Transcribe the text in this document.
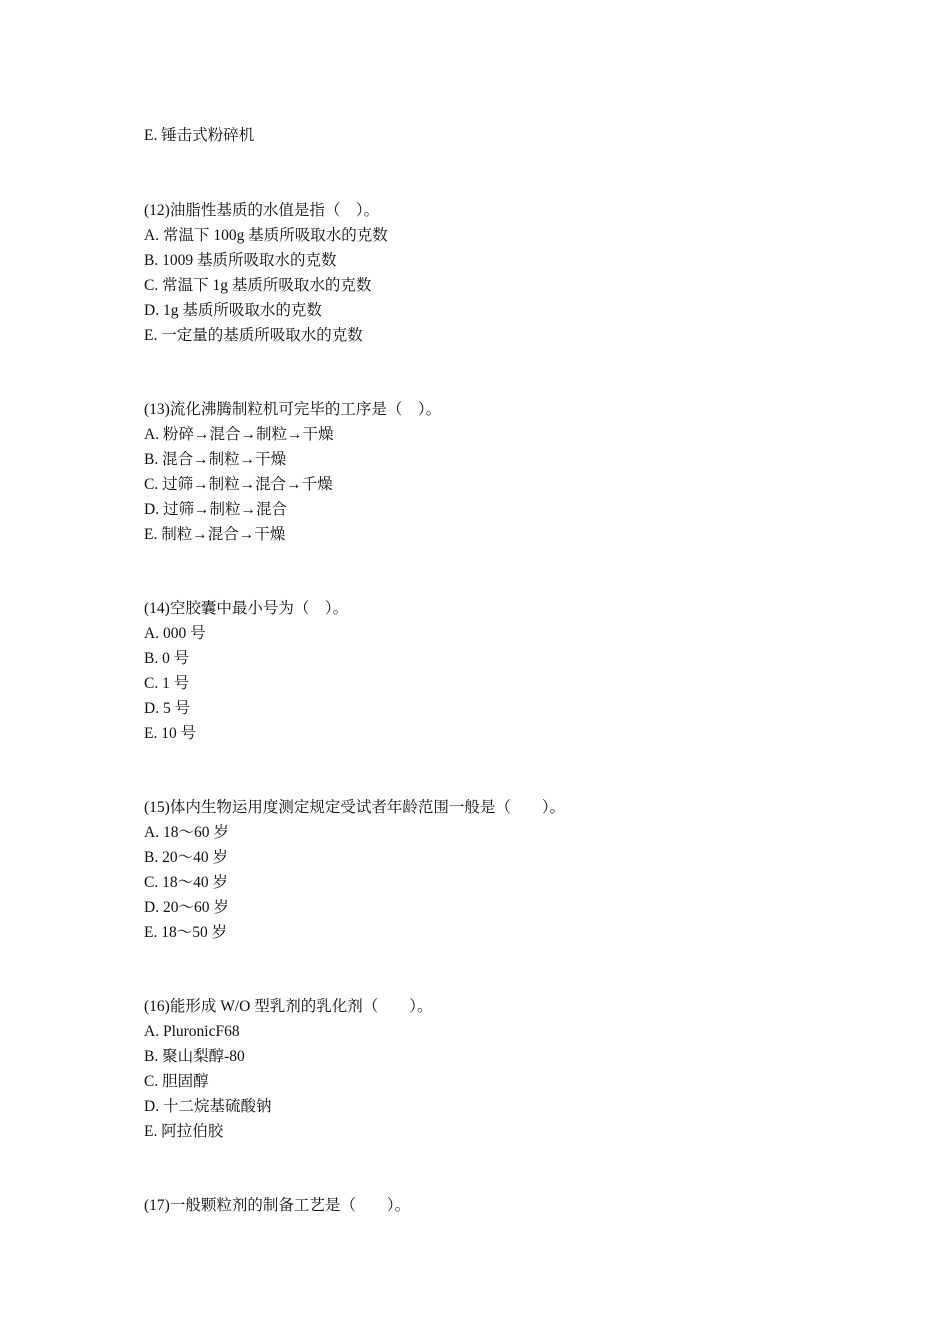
E. 锤击式粉碎机
(12)油脂性基质的水值是指（　）。
A. 常温下 100g 基质所吸取水的克数
B. 1009 基质所吸取水的克数
C. 常温下 1g 基质所吸取水的克数
D. 1g 基质所吸取水的克数
E. 一定量的基质所吸取水的克数
(13)流化沸腾制粒机可完毕的工序是（　）。
A. 粉碎→混合→制粒→干燥
B. 混合→制粒→干燥
C. 过筛→制粒→混合→千燥
D. 过筛→制粒→混合
E. 制粒→混合→干燥
(14)空胶囊中最小号为（　）。
A. 000 号
B. 0 号
C. 1 号
D. 5 号
E. 10 号
(15)体内生物运用度测定规定受试者年龄范围一般是（　　）。
A. 18～60 岁
B. 20～40 岁
C. 18～40 岁
D. 20～60 岁
E. 18～50 岁
(16)能形成 W/O 型乳剂的乳化剂（　　）。
A. PluronicF68
B. 聚山梨醇-80
C. 胆固醇
D. 十二烷基硫酸钠
E. 阿拉伯胶
(17)一般颗粒剂的制备工艺是（　　）。
